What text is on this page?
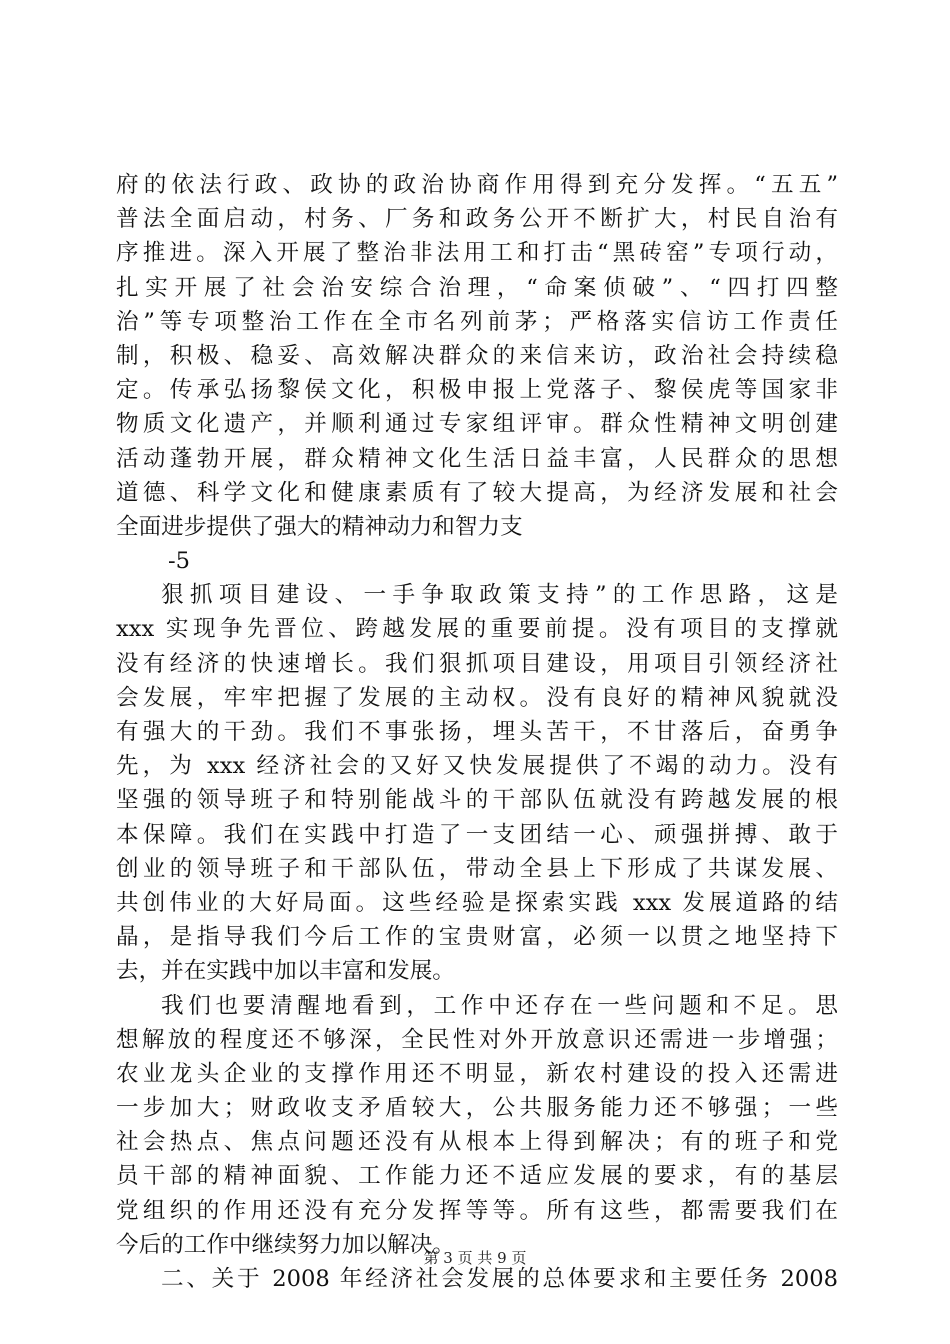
府的依法行政、政协的政治协商作用得到充分发挥。“五五”
普法全面启动，村务、厂务和政务公开不断扩大，村民自治有
序推进。深入开展了整治非法用工和打击“黑砖窑”专项行动，
扎实开展了社会治安综合治理，“命案侦破”、“四打四整
治”等专项整治工作在全市名列前茅；严格落实信访工作责任
制，积极、稳妥、高效解决群众的来信来访，政治社会持续稳
定。传承弘扬黎侯文化，积极申报上党落子、黎侯虎等国家非
物质文化遗产，并顺利通过专家组评审。群众性精神文明创建
活动蓬勃开展，群众精神文化生活日益丰富，人民群众的思想
道德、科学文化和健康素质有了较大提高，为经济发展和社会
全面进步提供了强大的精神动力和智力支
-5
狠抓项目建设、一手争取政策支持”的工作思路，这是
xxx 实现争先晋位、跨越发展的重要前提。没有项目的支撑就
没有经济的快速增长。我们狠抓项目建设，用项目引领经济社
会发展，牢牢把握了发展的主动权。没有良好的精神风貌就没
有强大的干劲。我们不事张扬，埋头苦干，不甘落后，奋勇争
先，为 xxx 经济社会的又好又快发展提供了不竭的动力。没有
坚强的领导班子和特别能战斗的干部队伍就没有跨越发展的根
本保障。我们在实践中打造了一支团结一心、顽强拼搏、敢于
创业的领导班子和干部队伍，带动全县上下形成了共谋发展、
共创伟业的大好局面。这些经验是探索实践 xxx 发展道路的结
晶，是指导我们今后工作的宝贵财富，必须一以贯之地坚持下
去，并在实践中加以丰富和发展。
我们也要清醒地看到，工作中还存在一些问题和不足。思
想解放的程度还不够深，全民性对外开放意识还需进一步增强；
农业龙头企业的支撑作用还不明显，新农村建设的投入还需进
一步加大；财政收支矛盾较大，公共服务能力还不够强；一些
社会热点、焦点问题还没有从根本上得到解决；有的班子和党
员干部的精神面貌、工作能力还不适应发展的要求，有的基层
党组织的作用还没有充分发挥等等。所有这些，都需要我们在
今后的工作中继续努力加以解决。
二、关于 2008 年经济社会发展的总体要求和主要任务 2008
第 3 页 共 9 页
